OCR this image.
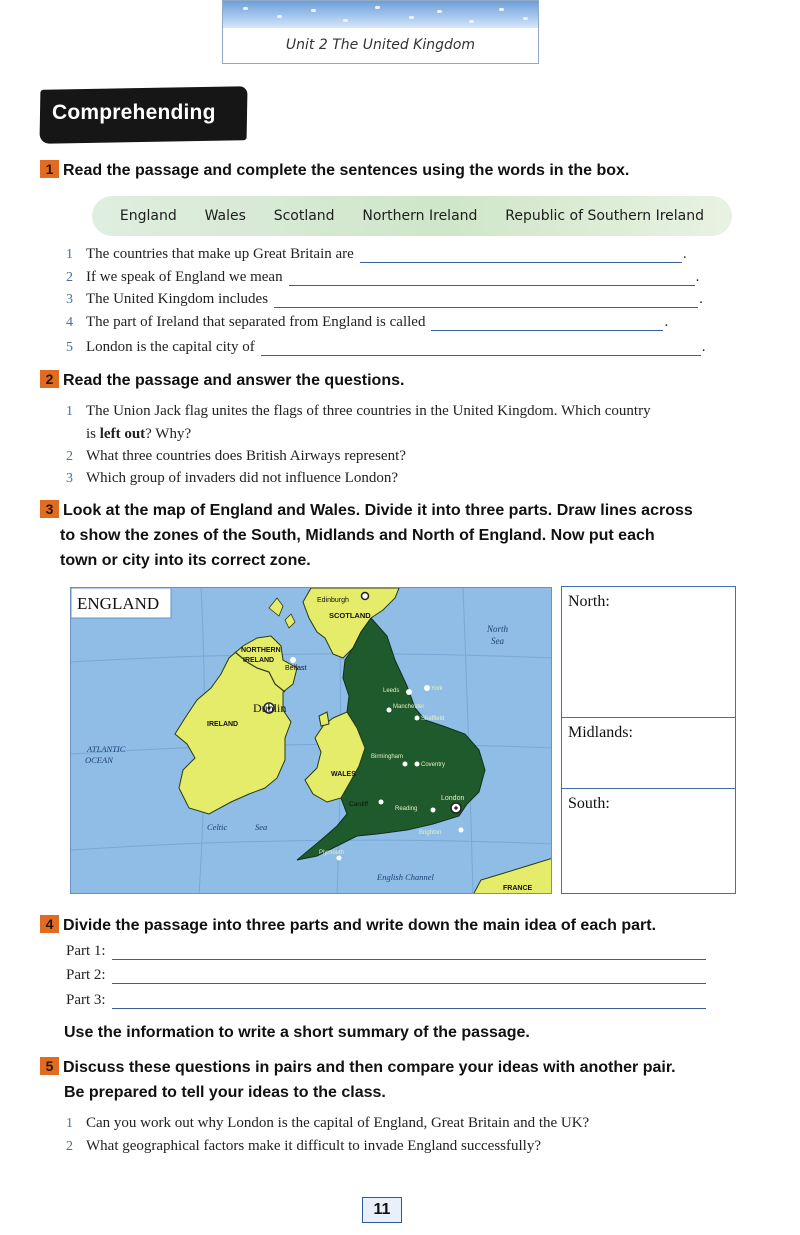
Unit 2 The United Kingdom
Comprehending
1 Read the passage and complete the sentences using the words in the box.
England Wales Scotland Northern Ireland Republic of Southern Ireland
1 The countries that make up Great Britain are	.
2 If we speak of England we mean	.
3 The United Kingdom includes	.
4 The part of Ireland that separated from England is called	.
5 London is the capital city of	.
2 Read the passage and answer the questions.
1 The Union Jack flag unites the flags of three countries in the United Kingdom. Which country
is left out? Why?
2 What three countries does British Airways represent?
3 Which group of invaders did not influence London?
3 Look at the map of England and Wales. Divide it into three parts. Draw lines across
to show the zones of the South, Midlands and North of England. Now put each
town or city into its correct zone.
Edinburgh
SCOTLAND
North
Sea
NORTHERN
IRELAND
Belfast
Dublin
IRELAND
ATLANTIC
OCEAN
WALES
Cardiff
Leeds	York
Manchester
Sheffield
Birmingham
Coventry
London
Reading
Brighton
Plymouth
Celtic	Sea
English Channel
FRANCE
ENGLAND	North:
Midlands:
South:
4 Divide the passage into three parts and write down the main idea of each part.
Part 1:
Part 2:
Part 3:
Use the information to write a short summary of the passage.
5 Discuss these questions in pairs and then compare your ideas with another pair.
Be prepared to tell your ideas to the class.
1 Can you work out why London is the capital of England, Great Britain and the UK?
2 What geographical factors make it difficult to invade England successfully?
11
